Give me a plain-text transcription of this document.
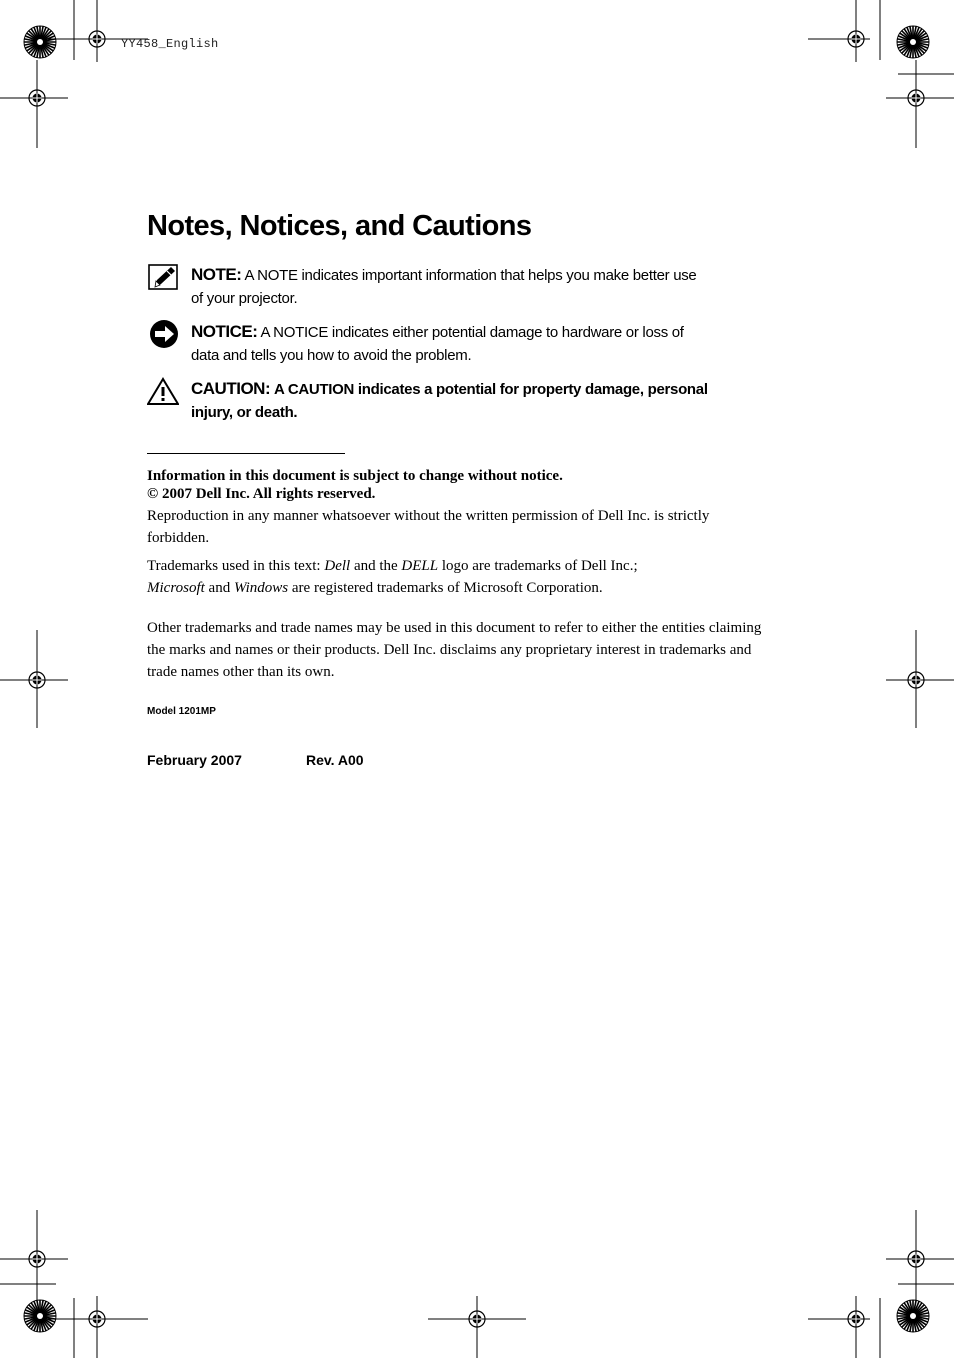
YY458_English
Notes, Notices, and Cautions
NOTE: A NOTE indicates important information that helps you make better use
of your projector.
NOTICE: A NOTICE indicates either potential damage to hardware or loss of
data and tells you how to avoid the problem.
CAUTION: A CAUTION indicates a potential for property damage, personal
injury, or death.
Information in this document is subject to change without notice.
© 2007 Dell Inc. All rights reserved.

Reproduction in any manner whatsoever without the written permission of Dell Inc. is strictly forbidden.

Trademarks used in this text: Dell and the DELL logo are trademarks of Dell Inc.;
Microsoft and Windows are registered trademarks of Microsoft Corporation.

Other trademarks and trade names may be used in this document to refer to either the entities claiming the marks and names or their products. Dell Inc. disclaims any proprietary interest in trademarks and trade names other than its own.

Model 1201MP
February 2007	Rev. A00
